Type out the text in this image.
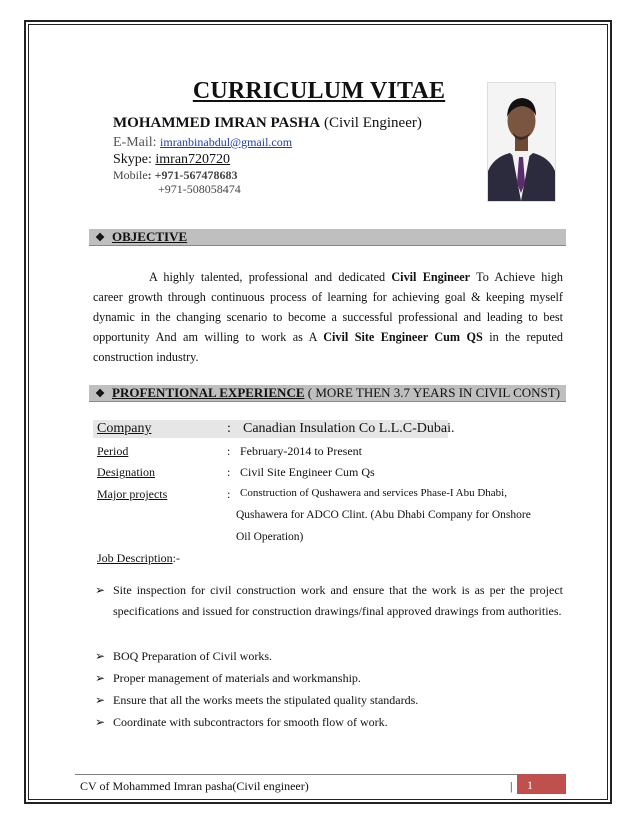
CURRICULUM VITAE
MOHAMMED IMRAN PASHA (Civil Engineer)
E-Mail: imranbinabdul@gmail.com
Skype: imran720720
Mobile: +971-567478683
+971-508058474
❖ OBJECTIVE

A highly talented, professional and dedicated Civil Engineer To Achieve high career growth through continuous process of learning for achieving goal & keeping myself dynamic in the changing scenario to become a successful professional and leading to best opportunity And am willing to work as A Civil Site Engineer Cum QS in the reputed construction industry.

❖ PROFENTIONAL EXPERIENCE ( MORE THEN 3.7 YEARS IN CIVIL CONST)
Company	: Canadian Insulation Co L.L.C-Dubai.
Period	: February-2014 to Present
Designation	: Civil Site Engineer Cum Qs
Major projects	: Construction of Qushawera and services Phase-I Abu Dhabi,
Qushawera for ADCO Clint. (Abu Dhabi Company for Onshore
Oil Operation)
Job Description:-
➢ Site inspection for civil construction work and ensure that the work is as per the project specifications and issued for construction drawings/final approved drawings from authorities.
➢ BOQ Preparation of Civil works.
➢ Proper management of materials and workmanship.
➢ Ensure that all the works meets the stipulated quality standards.
➢ Coordinate with subcontractors for smooth flow of work.
CV of Mohammed Imran pasha(Civil engineer)	| 1
